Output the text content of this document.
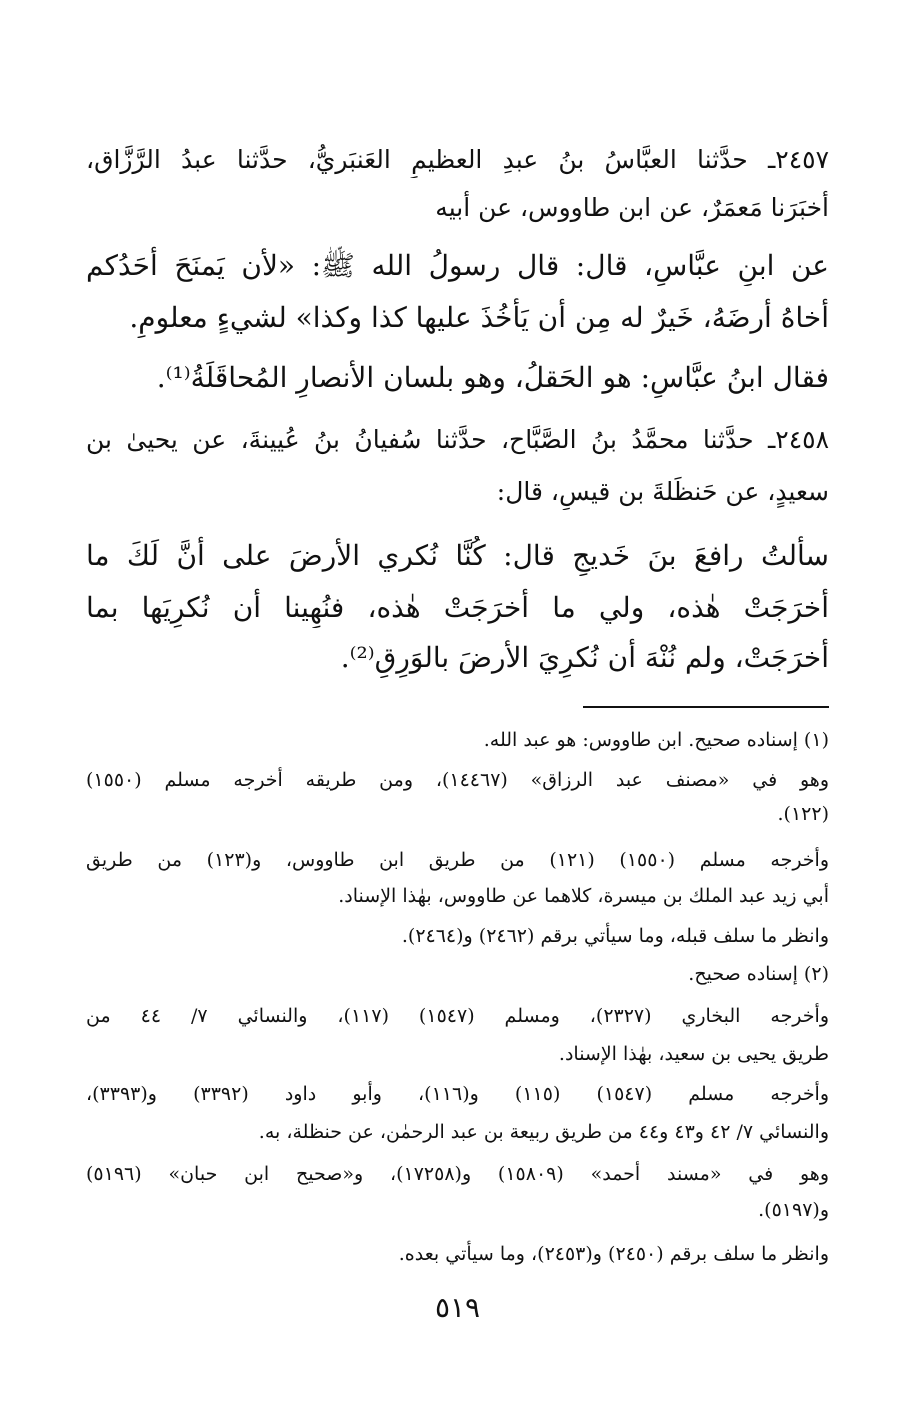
٢٤٥٧ـ حدَّثنا العبَّاسُ بنُ عبدِ العظيمِ العَنبَريُّ، حدَّثنا عبدُ الرَّزَّاق،
أخبَرَنا مَعمَرٌ، عن ابن طاووس، عن أبيه
عن ابنِ عبَّاسٍ، قال: قال رسولُ الله ﷺ: «لأن يَمنَحَ أحَدُكم
أخاهُ أرضَهُ، خَيرٌ له مِن أن يَأخُذَ عليها كذا وكذا» لشيءٍ معلومٍ.
فقال ابنُ عبَّاسٍ: هو الحَقلُ، وهو بلسان الأنصارِ المُحاقَلَةُ⁽¹⁾.
٢٤٥٨ـ حدَّثنا محمَّدُ بنُ الصَّبَّاح، حدَّثنا سُفيانُ بنُ عُيينةَ، عن يحيىٰ بن
سعيدٍ، عن حَنظَلةَ بن قيسٍ، قال:
سألتُ رافعَ بنَ خَديجٍ قال: كُنَّا نُكري الأرضَ على أنَّ لَكَ ما
أخرَجَتْ هٰذه، ولي ما أخرَجَتْ هٰذه، فنُهِينا أن نُكرِيَها بما
أخرَجَتْ، ولم نُنْهَ أن نُكرِيَ الأرضَ بالوَرِقِ⁽²⁾.
(١) إسناده صحيح. ابن طاووس: هو عبد الله.
وهو في «مصنف عبد الرزاق» (١٤٤٦٧)، ومن طريقه أخرجه مسلم (١٥٥٠)
(١٢٢).
وأخرجه مسلم (١٥٥٠) (١٢١) من طريق ابن طاووس، و(١٢٣) من طريق
أبي زيد عبد الملك بن ميسرة، كلاهما عن طاووس، بهٰذا الإسناد.
وانظر ما سلف قبله، وما سيأتي برقم (٢٤٦٢) و(٢٤٦٤).
(٢) إسناده صحيح.
وأخرجه البخاري (٢٣٢٧)، ومسلم (١٥٤٧) (١١٧)، والنسائي ٧/ ٤٤ من
طريق يحيى بن سعيد، بهٰذا الإسناد.
وأخرجه مسلم (١٥٤٧) (١١٥) و(١١٦)، وأبو داود (٣٣٩٢) و(٣٣٩٣)،
والنسائي ٧/ ٤٢ و٤٣ و٤٤ من طريق ربيعة بن عبد الرحمٰن، عن حنظلة، به.
وهو في «مسند أحمد» (١٥٨٠٩) و(١٧٢٥٨)، و«صحيح ابن حبان» (٥١٩٦)
و(٥١٩٧).
وانظر ما سلف برقم (٢٤٥٠) و(٢٤٥٣)، وما سيأتي بعده.
٥١٩
